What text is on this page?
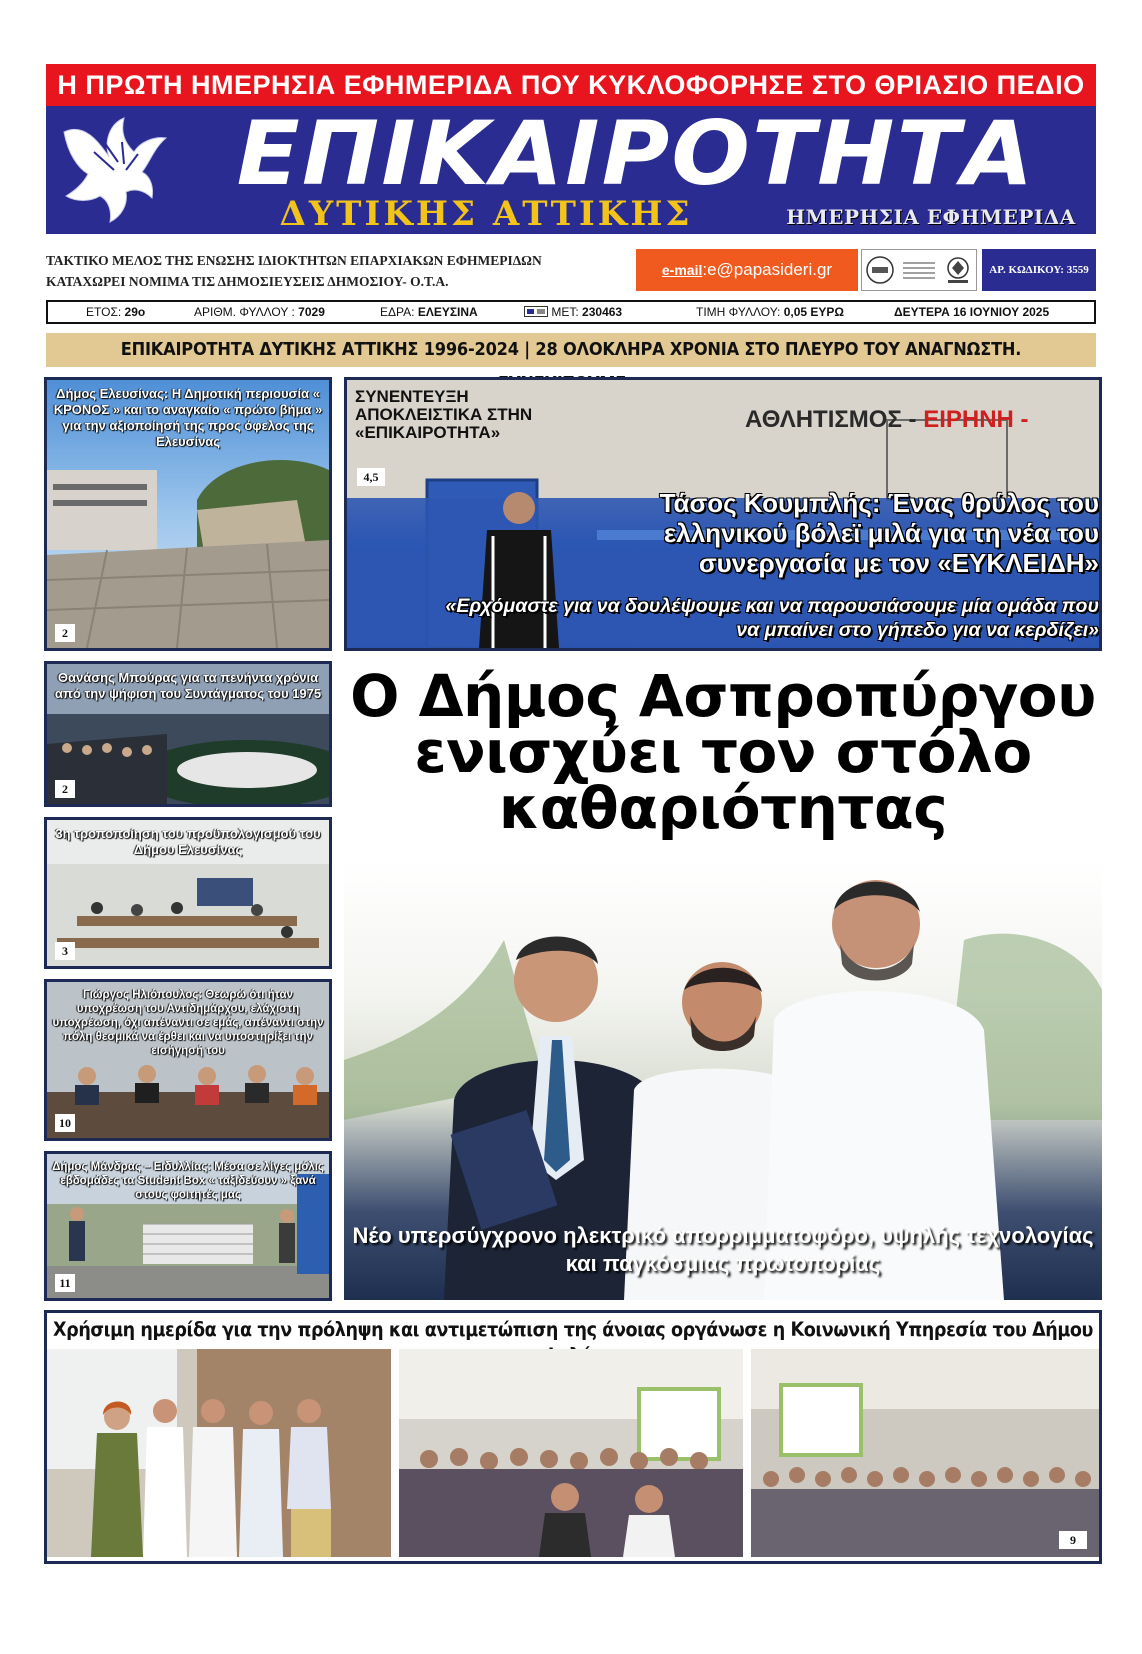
Η ΠΡΩΤΗ ΗΜΕΡΗΣΙΑ ΕΦΗΜΕΡΙΔΑ ΠΟΥ ΚΥΚΛΟΦΟΡΗΣΕ ΣΤΟ ΘΡΙΑΣΙΟ ΠΕΔΙΟ
ΕΠΙΚΑΙΡΟΤΗΤΑ
ΔΥΤΙΚΗΣ ΑΤΤΙΚΗΣ	ΗΜΕΡΗΣΙΑ ΕΦΗΜΕΡΙΔΑ
ΤΑΚΤΙΚΟ ΜΕΛΟΣ ΤΗΣ ΕΝΩΣΗΣ ΙΔΙΟΚΤΗΤΩΝ ΕΠΑΡΧΙΑΚΩΝ ΕΦΗΜΕΡΙΔΩΝ
ΚΑΤΑΧΩΡΕΙ ΝΟΜΙΜΑ ΤΙΣ ΔΗΜΟΣΙΕΥΣΕΙΣ ΔΗΜΟΣΙΟΥ- Ο.Τ.Α.
e-mail : e@papasideri.gr	ΑΡ. ΚΩΔΙΚΟΥ: 3559
ΕΤΟΣ: 29ο	ΑΡΙΘΜ. ΦΥΛΛΟΥ : 7029	ΕΔΡΑ: ΕΛΕΥΣΙΝΑ	ΜΕΤ: 230463	ΤΙΜΗ ΦΥΛΛΟΥ: 0,05 ΕΥΡΩ	ΔΕΥΤΕΡΑ 16 ΙΟΥΝΙΟΥ 2025
ΕΠΙΚΑΙΡΟΤΗΤΑ ΔΥΤΙΚΗΣ ΑΤΤΙΚΗΣ 1996-2024 | 28 ΟΛΟΚΛΗΡΑ ΧΡΟΝΙΑ ΣΤΟ ΠΛΕΥΡΟ ΤΟΥ ΑΝΑΓΝΩΣΤΗ.
Δήμος Ελευσίνας: Η Δημοτική περιουσία « ΚΡΟΝΟΣ » και το αναγκαίο « πρώτο βήμα » για την αξιοποίησή της προς όφελος της Ελευσίνας
2
Θανάσης Μπούρας για τα πενήντα χρόνια από την ψήφιση του Συντάγματος του 1975
2
3η τροποποίηση του προϋπολογισμού του Δήμου Ελευσίνας
3
Γιώργος Ηλιόπουλος: Θεωρώ ότι ήταν υποχρέωση του Αντιδημάρχου, ελάχιστη υποχρέωση, όχι απέναντι σε εμάς, απέναντι στην πόλη θεσμικά να έρθει και να υποστηρίξει την εισήγησή του
10
Δήμος Μάνδρας – Ειδυλλίας: Μέσα σε λίγες μόλις εβδομάδες τα Student Box « ταξιδεύουν » ξανά στους φοιτητές μας
11
ΣΥΝΕΝΤΕΥΞΗ ΑΠΟΚΛΕΙΣΤΙΚΑ ΣΤΗΝ «ΕΠΙΚΑΙΡΟΤΗΤΑ»
4,5
ΑΘΛΗΤΙΣΜΟΣ - ΕΙΡΗΝΗ -
Τάσος Κουμπλής: Ένας θρύλος του ελληνικού βόλεϊ μιλά για τη νέα του συνεργασία με τον «ΕΥΚΛΕΙΔΗ»
«Ερχόμαστε για να δουλέψουμε και να παρουσιάσουμε μία ομάδα που να μπαίνει στο γήπεδο για να κερδίζει»
Ο Δήμος Ασπροπύργου ενισχύει τον στόλο καθαριότητας
Νέο υπερσύγχρονο ηλεκτρικό απορριμματοφόρο, υψηλής τεχνολογίας και παγκόσμιας πρωτοπορίας
Χρήσιμη ημερίδα για την πρόληψη και αντιμετώπιση της άνοιας οργάνωσε η Κοινωνική Υπηρεσία του Δήμου
9
